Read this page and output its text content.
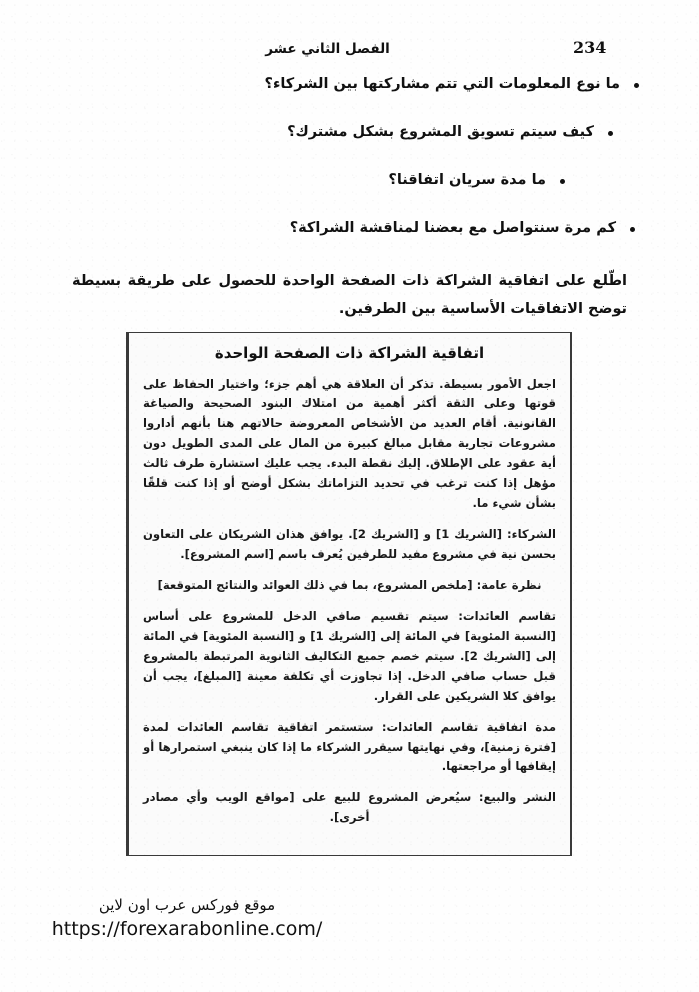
الفصل الثاني عشر	234
ما نوع المعلومات التي تتم مشاركتها بين الشركاء؟
كيف سيتم تسويق المشروع بشكل مشترك؟
ما مدة سريان اتفاقنا؟
كم مرة سنتواصل مع بعضنا لمناقشة الشراكة؟

اطّلع على اتفاقية الشراكة ذات الصفحة الواحدة للحصول على طريقة بسيطة توضح الاتفاقيات الأساسية بين الطرفين.

اتفاقية الشراكة ذات الصفحة الواحدة

اجعل الأمور بسيطة. تذكر أن العلاقة هي أهم جزء؛ واختيار الحفاظ على قوتها وعلى الثقة أكثر أهمية من امتلاك البنود الصحيحة والصياغة القانونية. أقام العديد من الأشخاص المعروضة حالاتهم هنا بأنهم أداروا مشروعات تجارية مقابل مبالغ كبيرة من المال على المدى الطويل دون أية عقود على الإطلاق. إليك نقطة البدء. يجب عليك استشارة طرف ثالث مؤهل إذا كنت ترغب في تحديد التزاماتك بشكل أوضح أو إذا كنت قلقًا بشأن شيء ما.

الشركاء: [الشريك 1] و [الشريك 2]. يوافق هذان الشريكان على التعاون بحسن نية في مشروع مفيد للطرفين يُعرف باسم [اسم المشروع].

نظرة عامة: [ملخص المشروع، بما في ذلك العوائد والنتائج المتوقعة]

تقاسم العائدات: سيتم تقسيم صافي الدخل للمشروع على أساس [النسبة المئوية] في المائة إلى [الشريك 1] و [النسبة المئوية] في المائة إلى [الشريك 2]. سيتم خصم جميع التكاليف الثانوية المرتبطة بالمشروع قبل حساب صافي الدخل. إذا تجاوزت أي تكلفة معينة [المبلغ]، يجب أن يوافق كلا الشريكين على القرار.

مدة اتفاقية تقاسم العائدات: ستستمر اتفاقية تقاسم العائدات لمدة [فترة زمنية]، وفي نهايتها سيقرر الشركاء ما إذا كان ينبغي استمرارها أو إيقافها أو مراجعتها.

النشر والبيع: سيُعرض المشروع للبيع على [مواقع الويب وأي مصادر أخرى].

موقع فوركس عرب اون لاين
https://forexarabonline.com/
